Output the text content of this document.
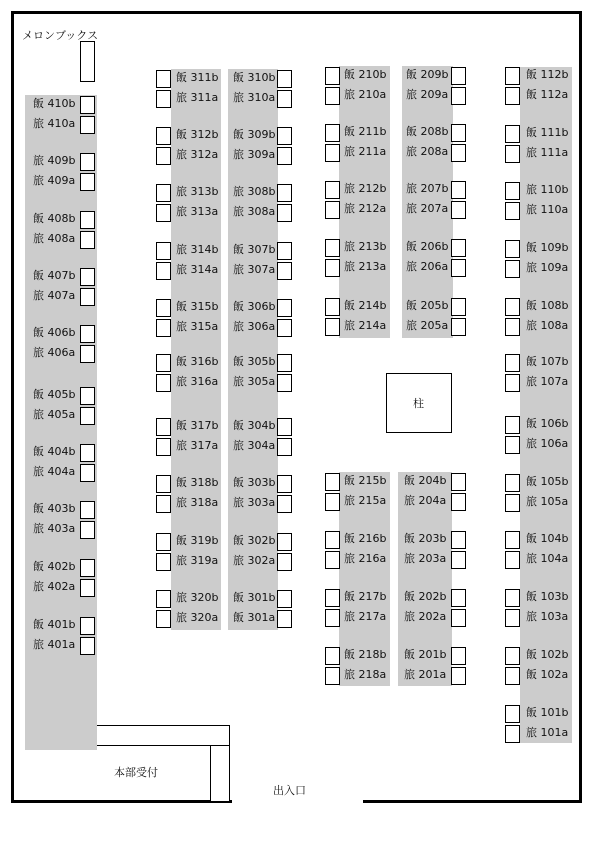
メロンブックス
柱
本部受付
出入口
飯 410b
旅 410a
旅 409b
旅 409a
飯 408b
旅 408a
飯 407b
旅 407a
飯 406b
旅 406a
飯 405b
旅 405a
飯 404b
旅 404a
飯 403b
旅 403a
飯 402b
旅 402a
飯 401b
旅 401a
飯 311b
旅 311a
飯 312b
旅 312a
旅 313b
旅 313a
旅 314b
旅 314a
飯 315b
旅 315a
飯 316b
旅 316a
飯 317b
旅 317a
飯 318b
旅 318a
飯 319b
旅 319a
旅 320b
旅 320a
飯 310b
旅 310a
飯 309b
旅 309a
旅 308b
旅 308a
飯 307b
旅 307a
飯 306b
旅 306a
飯 305b
旅 305a
飯 304b
旅 304a
飯 303b
旅 303a
飯 302b
旅 302a
飯 301b
飯 301a
飯 210b
旅 210a
飯 211b
旅 211a
旅 212b
旅 212a
旅 213b
旅 213a
飯 214b
旅 214a
飯 209b
旅 209a
飯 208b
旅 208a
旅 207b
旅 207a
飯 206b
旅 206a
飯 205b
旅 205a
飯 215b
旅 215a
飯 216b
旅 216a
飯 217b
旅 217a
飯 218b
旅 218a
飯 204b
旅 204a
飯 203b
旅 203a
飯 202b
旅 202a
飯 201b
旅 201a
飯 112b
飯 112a
飯 111b
旅 111a
旅 110b
旅 110a
飯 109b
旅 109a
飯 108b
旅 108a
飯 107b
旅 107a
飯 106b
旅 106a
飯 105b
旅 105a
飯 104b
旅 104a
飯 103b
旅 103a
飯 102b
飯 102a
飯 101b
旅 101a
